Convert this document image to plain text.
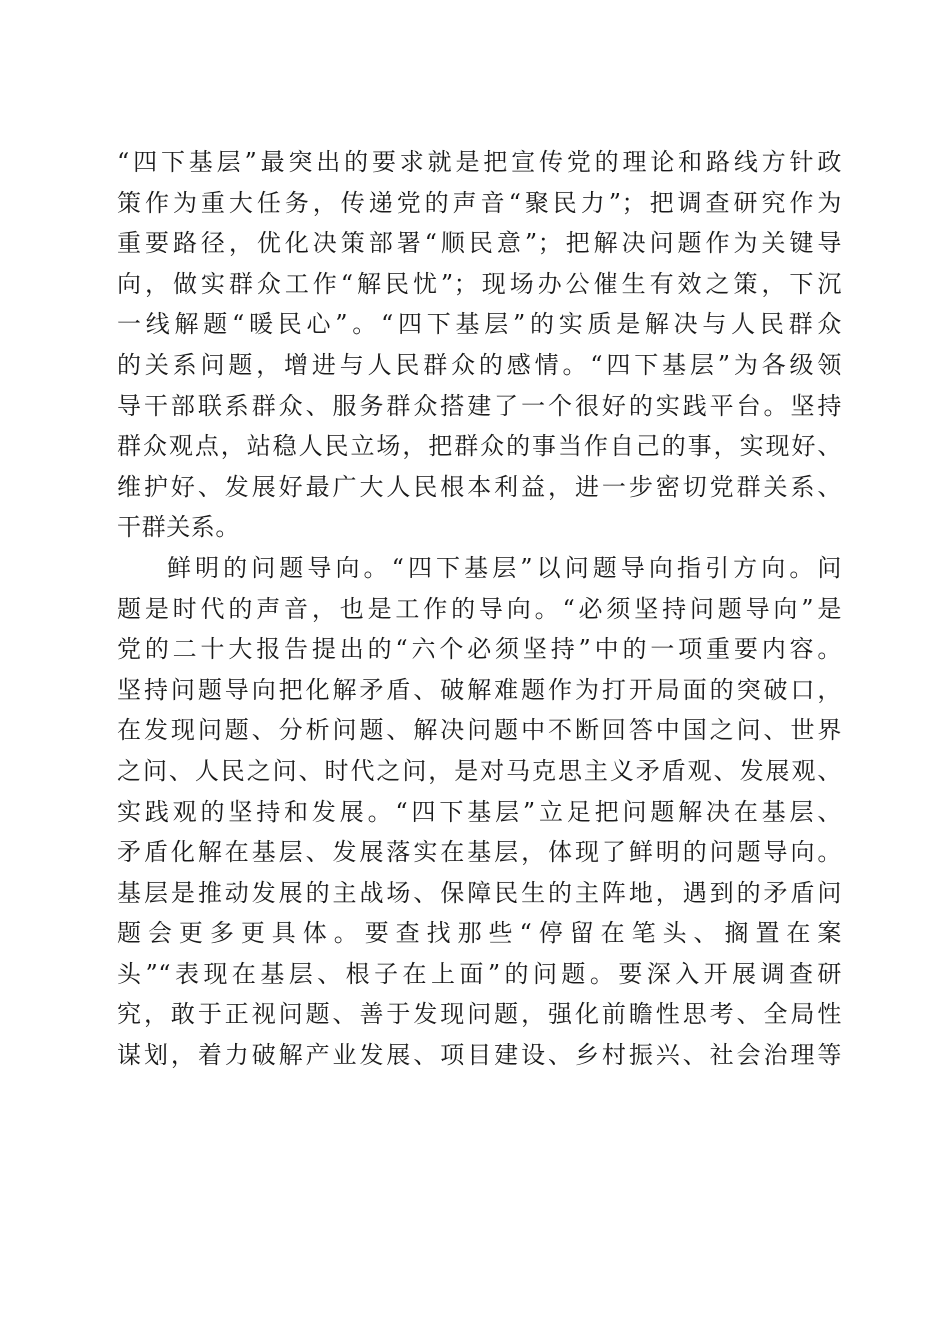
“四下基层”最突出的要求就是把宣传党的理论和路线方针政
策作为重大任务，传递党的声音“聚民力”；把调查研究作为
重要路径，优化决策部署“顺民意”；把解决问题作为关键导
向，做实群众工作“解民忧”；现场办公催生有效之策，下沉
一线解题“暖民心”。“四下基层”的实质是解决与人民群众
的关系问题，增进与人民群众的感情。“四下基层”为各级领
导干部联系群众、服务群众搭建了一个很好的实践平台。坚持
群众观点，站稳人民立场，把群众的事当作自己的事，实现好、
维护好、发展好最广大人民根本利益，进一步密切党群关系、
干群关系。
鲜明的问题导向。“四下基层”以问题导向指引方向。问
题是时代的声音，也是工作的导向。“必须坚持问题导向”是
党的二十大报告提出的“六个必须坚持”中的一项重要内容。
坚持问题导向把化解矛盾、破解难题作为打开局面的突破口，
在发现问题、分析问题、解决问题中不断回答中国之问、世界
之问、人民之问、时代之问，是对马克思主义矛盾观、发展观、
实践观的坚持和发展。“四下基层”立足把问题解决在基层、
矛盾化解在基层、发展落实在基层，体现了鲜明的问题导向。
基层是推动发展的主战场、保障民生的主阵地，遇到的矛盾问
题会更多更具体。要查找那些“停留在笔头、搁置在案
头”“表现在基层、根子在上面”的问题。要深入开展调查研
究，敢于正视问题、善于发现问题，强化前瞻性思考、全局性
谋划，着力破解产业发展、项目建设、乡村振兴、社会治理等
